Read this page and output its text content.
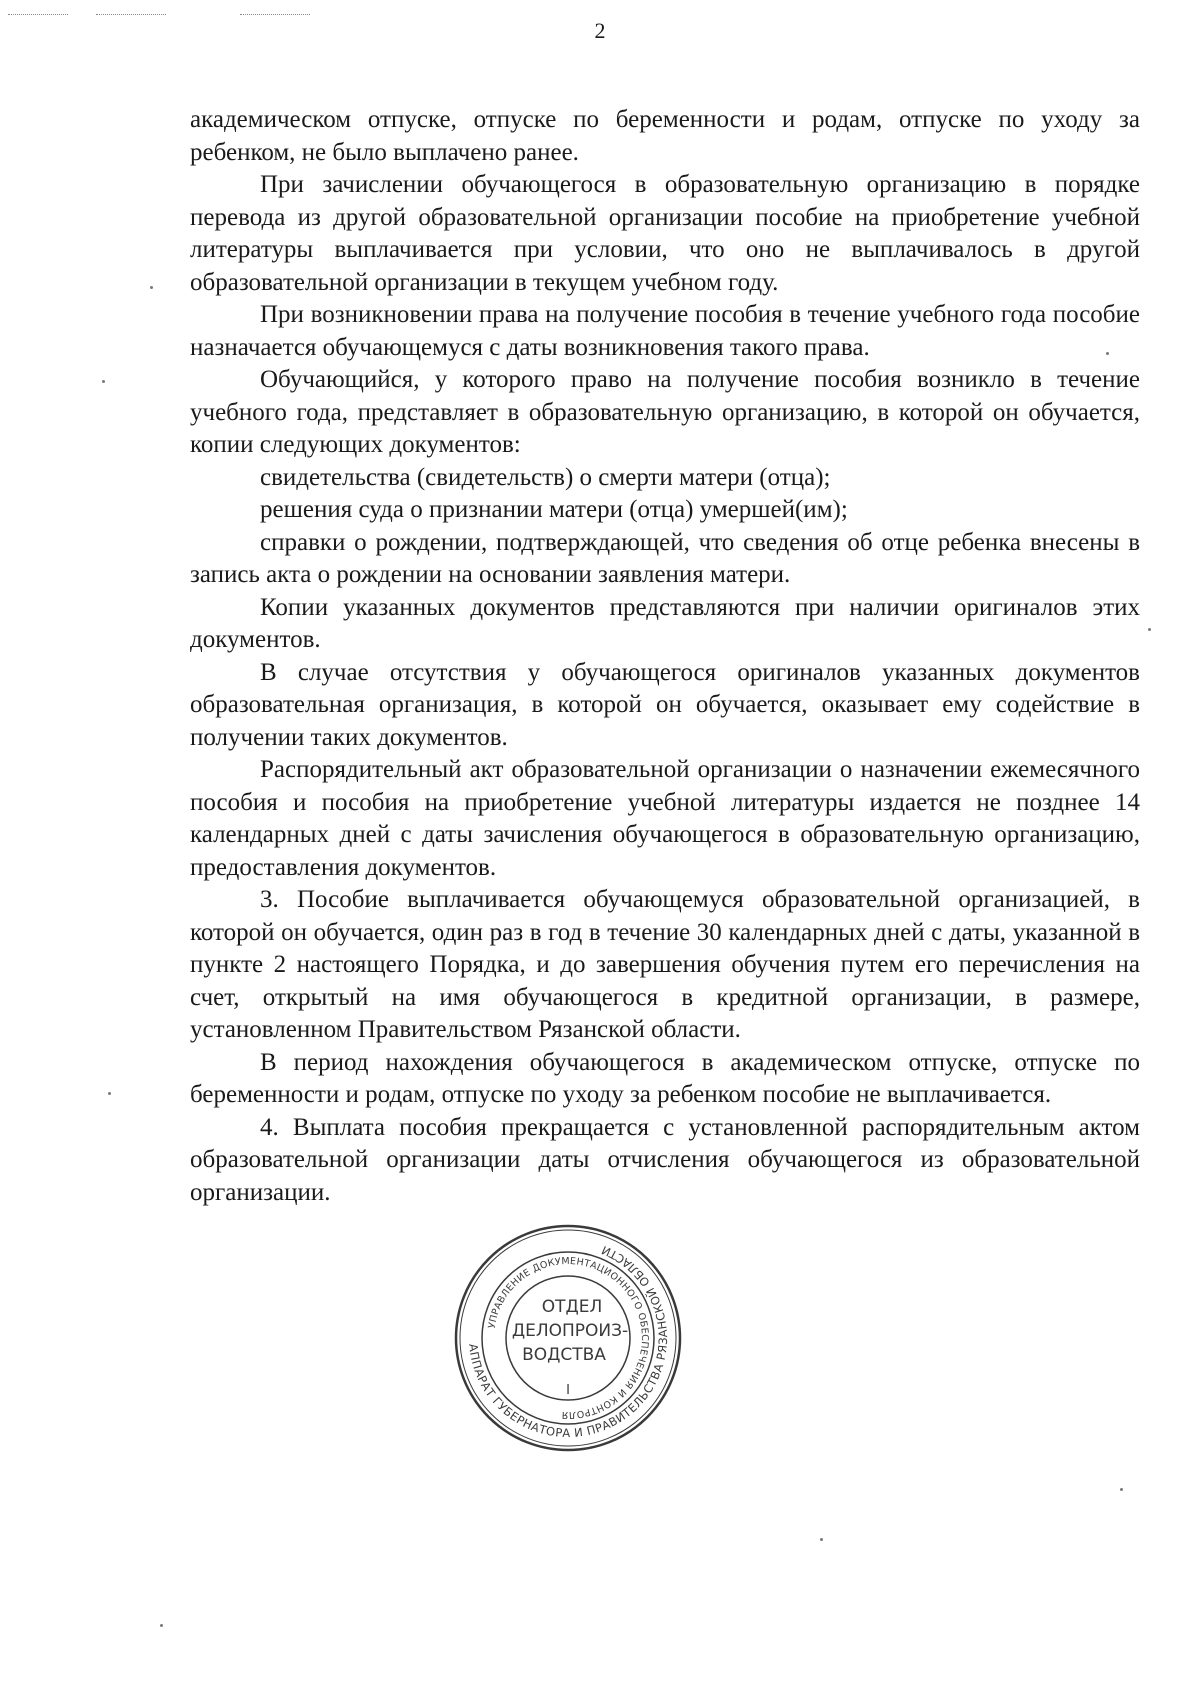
2

академическом отпуске, отпуске по беременности и родам, отпуске по уходу за ребенком, не было выплачено ранее.

При зачислении обучающегося в образовательную организацию в порядке перевода из другой образовательной организации пособие на приобретение учебной литературы выплачивается при условии, что оно не выплачивалось в другой образовательной организации в текущем учебном году.

При возникновении права на получение пособия в течение учебного года пособие назначается обучающемуся с даты возникновения такого права.

Обучающийся, у которого право на получение пособия возникло в течение учебного года, представляет в образовательную организацию, в которой он обучается, копии следующих документов:

свидетельства (свидетельств) о смерти матери (отца);

решения суда о признании матери (отца) умершей(им);

справки о рождении, подтверждающей, что сведения об отце ребенка внесены в запись акта о рождении на основании заявления матери.

Копии указанных документов представляются при наличии оригиналов этих документов.

В случае отсутствия у обучающегося оригиналов указанных документов образовательная организация, в которой он обучается, оказывает ему содействие в получении таких документов.

Распорядительный акт образовательной организации о назначении ежемесячного пособия и пособия на приобретение учебной литературы издается не позднее 14 календарных дней с даты зачисления обучающегося в образовательную организацию, предоставления документов.

3. Пособие выплачивается обучающемуся образовательной организацией, в которой он обучается, один раз в год в течение 30 календарных дней с даты, указанной в пункте 2 настоящего Порядка, и до завершения обучения путем его перечисления на счет, открытый на имя обучающегося в кредитной организации, в размере, установленном Правительством Рязанской области.

В период нахождения обучающегося в академическом отпуске, отпуске по беременности и родам, отпуске по уходу за ребенком пособие не выплачивается.

4. Выплата пособия прекращается с установленной распорядительным актом образовательной организации даты отчисления обучающегося из образовательной организации.

АППАРАТ ГУБЕРНАТОРА И ПРАВИТЕЛЬСТВА РЯЗАНСКОЙ ОБЛАСТИ
УПРАВЛЕНИЕ ДОКУМЕНТАЦИОННОГО ОБЕСПЕЧЕНИЯ И КОНТРОЛЯ
ОТДЕЛ
ДЕЛОПРОИЗ-
ВОДСТВА
I
